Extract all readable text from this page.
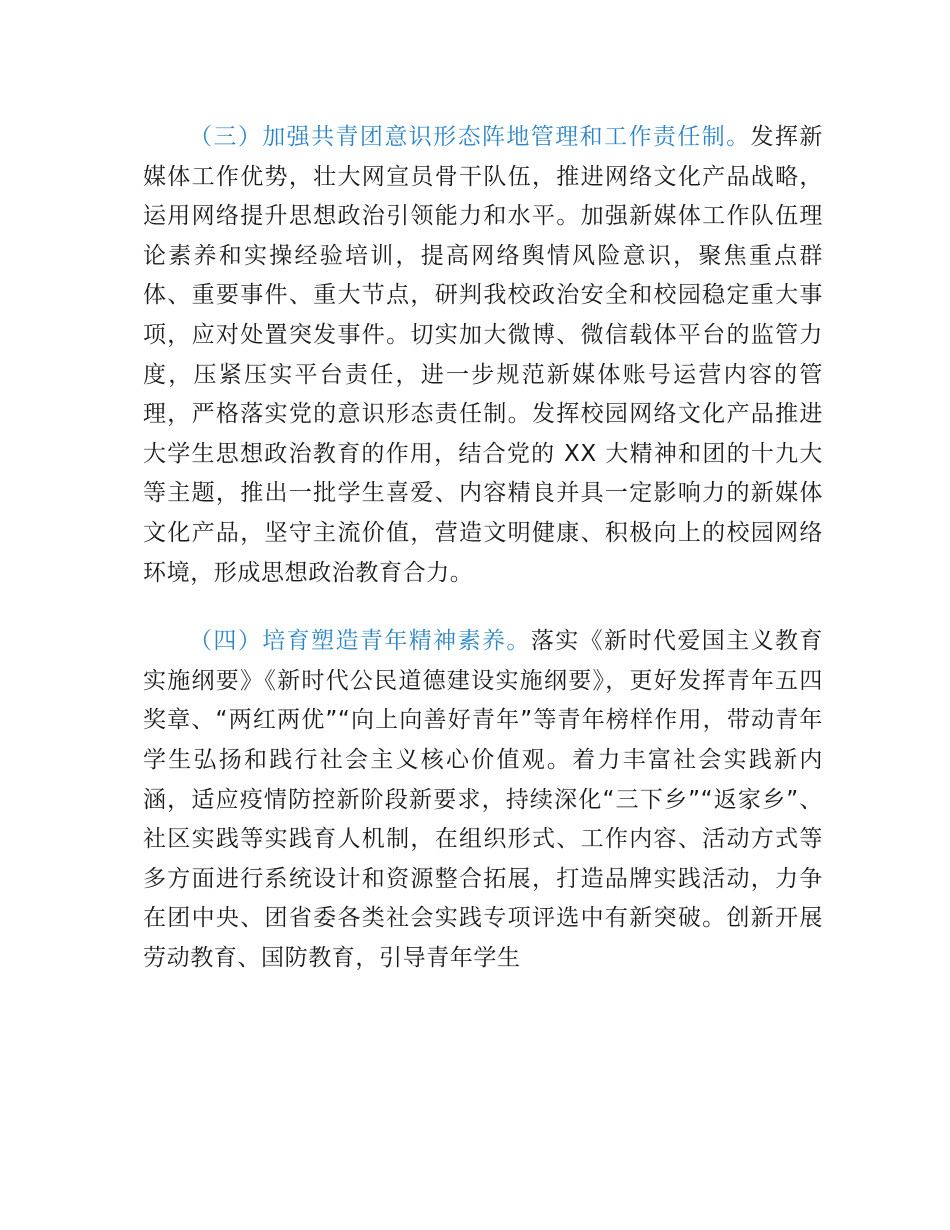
（三）加强共青团意识形态阵地管理和工作责任制。发挥新媒体工作优势，壮大网宣员骨干队伍，推进网络文化产品战略，运用网络提升思想政治引领能力和水平。加强新媒体工作队伍理论素养和实操经验培训，提高网络舆情风险意识，聚焦重点群体、重要事件、重大节点，研判我校政治安全和校园稳定重大事项，应对处置突发事件。切实加大微博、微信载体平台的监管力度，压紧压实平台责任，进一步规范新媒体账号运营内容的管理，严格落实党的意识形态责任制。发挥校园网络文化产品推进大学生思想政治教育的作用，结合党的 XX 大精神和团的十九大等主题，推出一批学生喜爱、内容精良并具一定影响力的新媒体文化产品，坚守主流价值，营造文明健康、积极向上的校园网络环境，形成思想政治教育合力。

（四）培育塑造青年精神素养。落实《新时代爱国主义教育实施纲要》《新时代公民道德建设实施纲要》，更好发挥青年五四奖章、“两红两优”“向上向善好青年”等青年榜样作用，带动青年学生弘扬和践行社会主义核心价值观。着力丰富社会实践新内涵，适应疫情防控新阶段新要求，持续深化“三下乡”“返家乡”、社区实践等实践育人机制，在组织形式、工作内容、活动方式等多方面进行系统设计和资源整合拓展，打造品牌实践活动，力争在团中央、团省委各类社会实践专项评选中有新突破。创新开展劳动教育、国防教育，引导青年学生
